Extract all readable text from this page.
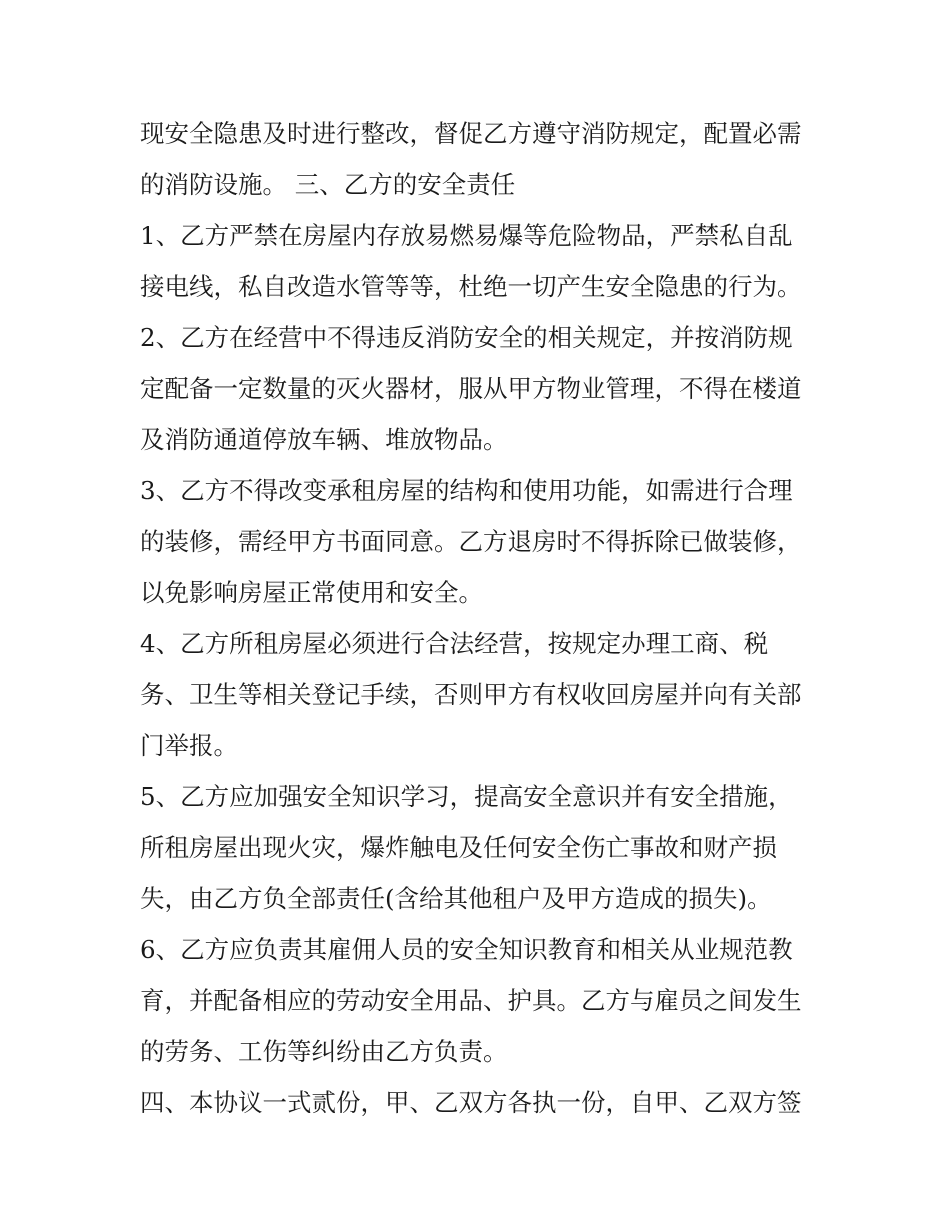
现安全隐患及时进行整改，督促乙方遵守消防规定，配置必需
的消防设施。 三、乙方的安全责任
1、乙方严禁在房屋内存放易燃易爆等危险物品，严禁私自乱
接电线，私自改造水管等等，杜绝一切产生安全隐患的行为。
2、乙方在经营中不得违反消防安全的相关规定，并按消防规
定配备一定数量的灭火器材，服从甲方物业管理，不得在楼道
及消防通道停放车辆、堆放物品。
3、乙方不得改变承租房屋的结构和使用功能，如需进行合理
的装修，需经甲方书面同意。乙方退房时不得拆除已做装修，
以免影响房屋正常使用和安全。
4、乙方所租房屋必须进行合法经营，按规定办理工商、税
务、卫生等相关登记手续，否则甲方有权收回房屋并向有关部
门举报。
5、乙方应加强安全知识学习，提高安全意识并有安全措施，
所租房屋出现火灾，爆炸触电及任何安全伤亡事故和财产损
失，由乙方负全部责任(含给其他租户及甲方造成的损失)。
6、乙方应负责其雇佣人员的安全知识教育和相关从业规范教
育，并配备相应的劳动安全用品、护具。乙方与雇员之间发生
的劳务、工伤等纠纷由乙方负责。
四、本协议一式贰份，甲、乙双方各执一份，自甲、乙双方签
